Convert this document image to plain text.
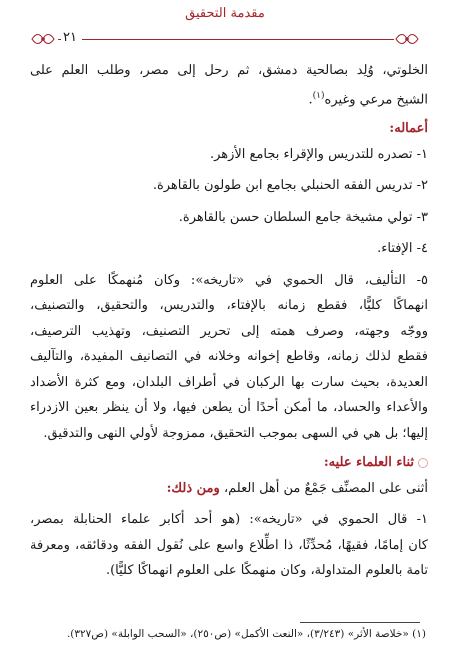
مقدمة التحقيق
٢١
الخلوتي، وُلِد بصالحية دمشق، ثم رحل إلى مصر، وطلب العلم على
الشيخ مرعي وغيره$^{(١)}$.
أعماله:
١- تصدره للتدريس والإقراء بجامع الأزهر.
٢- تدريس الفقه الحنبلي بجامع ابن طولون بالقاهرة.
٣- تولي مشيخة جامع السلطان حسن بالقاهرة.
٤- الإفتاء.
٥- التأليف، قال الحموي في «تاريخه»: وكان مُنهمكًا على العلوم
انهماكًا كليًّا، فقطع زمانه بالإفتاء، والتدريس، والتحقيق، والتصنيف،
ووجّه وجهته، وصرف همته إلى تحرير التصنيف، وتهذيب الترصيف،
فقطع لذلك زمانه، وقاطع إخوانه وخلانه في التصانيف المفيدة، والتآليف
العديدة، بحيث سارت بها الركبان في أطراف البلدان، ومع كثرة الأضداد
والأعداء والحساد، ما أمكن أحدًا أن يطعن فيها، ولا أن ينظر بعين الازدراء
إليها؛ بل هي في السهى بموجب التحقيق، ممزوجة لأولي النهى والتدقيق.
ثناء العلماء عليه:
أثنى على المصنِّف جَمْعٌ من أهل العلم، ومن ذلك:
١- قال الحموي في «تاريخه»: (هو أحد أكابر علماء الحنابلة بمصر،
كان إمامًا، فقيهًا، مُحدِّثًا، ذا اطِّلاع واسع على نُقول الفقه ودقائقه، ومعرفة
تامة بالعلوم المتداولة، وكان منهمكًا على العلوم انهماكًا كليًّا).
(١) «خلاصة الأثر» (٣/٢٤٣)، «النعت الأكمل» (ص٢٥٠)، «السحب الوابلة» (ص٣٢٧).
